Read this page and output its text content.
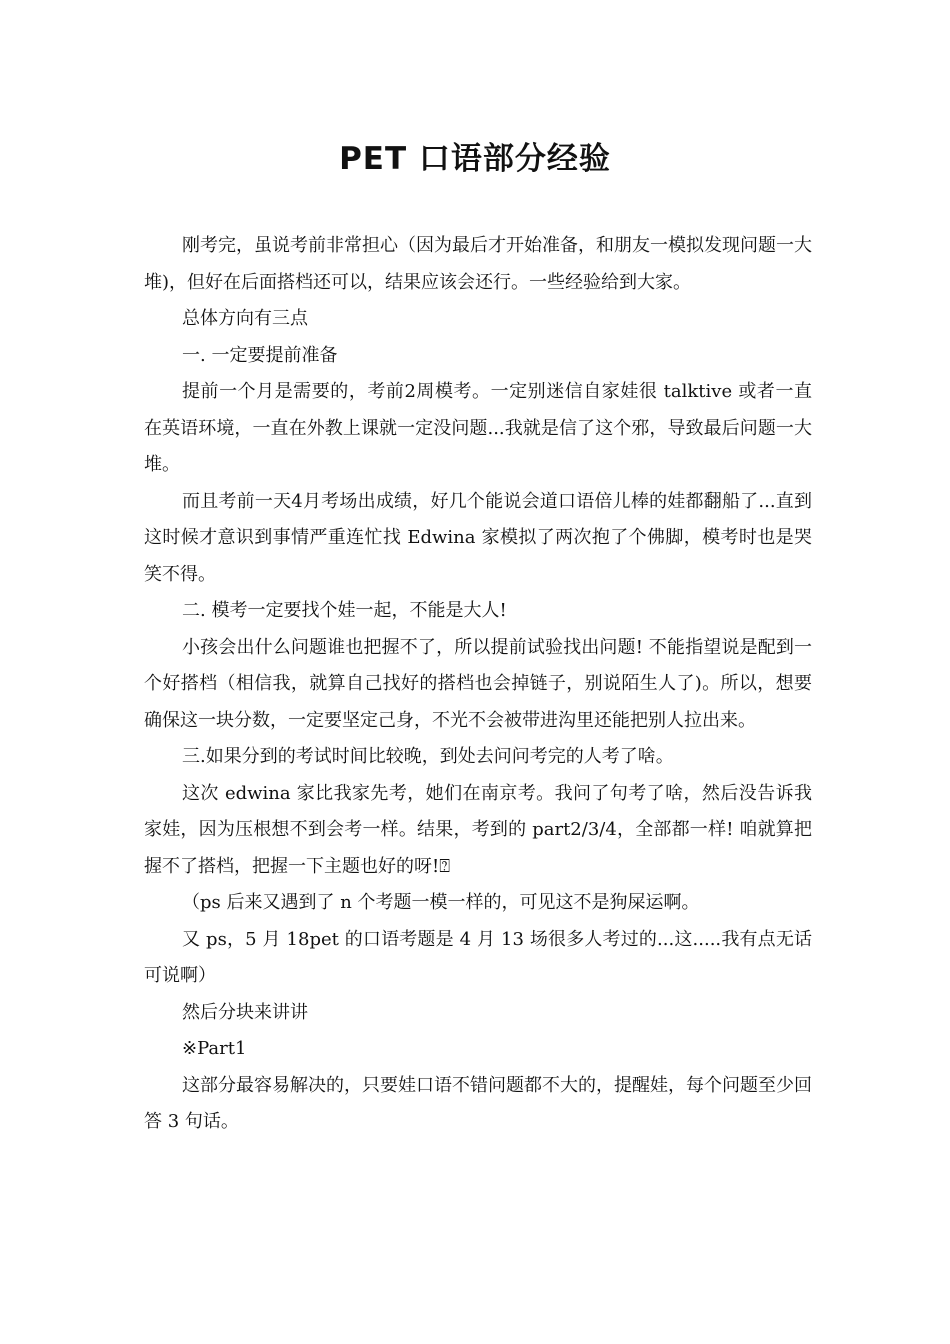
PET 口语部分经验

刚考完，虽说考前非常担心（因为最后才开始准备，和朋友一模拟发现问题一大堆)，但好在后面搭档还可以，结果应该会还行。一些经验给到大家。

总体方向有三点

一. 一定要提前准备

提前一个月是需要的，考前2周模考。一定别迷信自家娃很 talktive 或者一直在英语环境，一直在外教上课就一定没问题...我就是信了这个邪，导致最后问题一大堆。

而且考前一天4月考场出成绩，好几个能说会道口语倍儿棒的娃都翻船了...直到这时候才意识到事情严重连忙找 Edwina 家模拟了两次抱了个佛脚，模考时也是哭笑不得。

二. 模考一定要找个娃一起，不能是大人!

小孩会出什么问题谁也把握不了，所以提前试验找出问题! 不能指望说是配到一个好搭档（相信我，就算自己找好的搭档也会掉链子，别说陌生人了)。所以，想要确保这一块分数，一定要坚定己身，不光不会被带进沟里还能把别人拉出来。

三.如果分到的考试时间比较晚，到处去问问考完的人考了啥。

这次 edwina 家比我家先考，她们在南京考。我问了句考了啥，然后没告诉我家娃，因为压根想不到会考一样。结果，考到的 part2/3/4，全部都一样! 咱就算把握不了搭档，把握一下主题也好的呀!⍰

（ps 后来又遇到了 n 个考题一模一样的，可见这不是狗屎运啊。

又 ps，5 月 18pet 的口语考题是 4 月 13 场很多人考过的...这.....我有点无话可说啊）

然后分块来讲讲

※Part1

这部分最容易解决的，只要娃口语不错问题都不大的，提醒娃，每个问题至少回答 3 句话。
